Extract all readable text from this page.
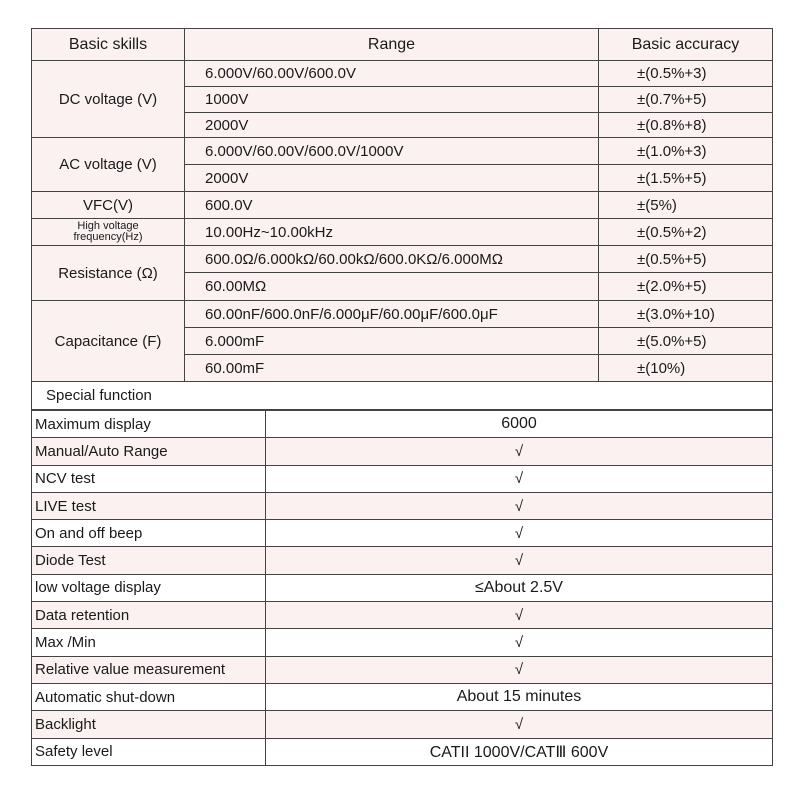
Basic skills	Range	Basic accuracy
DC voltage (V)	6.000V/60.00V/600.0V	±(0.5%+3)
	1000V	±(0.7%+5)
	2000V	±(0.8%+8)
AC voltage (V)	6.000V/60.00V/600.0V/1000V	±(1.0%+3)
	2000V	±(1.5%+5)
VFC(V)	600.0V	±(5%)
High voltage frequency(Hz)	10.00Hz~10.00kHz	±(0.5%+2)
Resistance (Ω)	600.0Ω/6.000kΩ/60.00kΩ/600.0KΩ/6.000MΩ	±(0.5%+5)
	60.00MΩ	±(2.0%+5)
Capacitance (F)	60.00nF/600.0nF/6.000μF/60.00μF/600.0μF	±(3.0%+10)
	6.000mF	±(5.0%+5)
	60.00mF	±(10%)
Special function		
Maximum display	6000
Manual/Auto Range	√
NCV test	√
LIVE test	√
On and off beep	√
Diode Test	√
low voltage display	≤About 2.5V
Data retention	√
Max /Min	√
Relative value measurement	√
Automatic shut-down	About 15 minutes
Backlight	√
Safety level	CATII 1000V/CATⅢ 600V
